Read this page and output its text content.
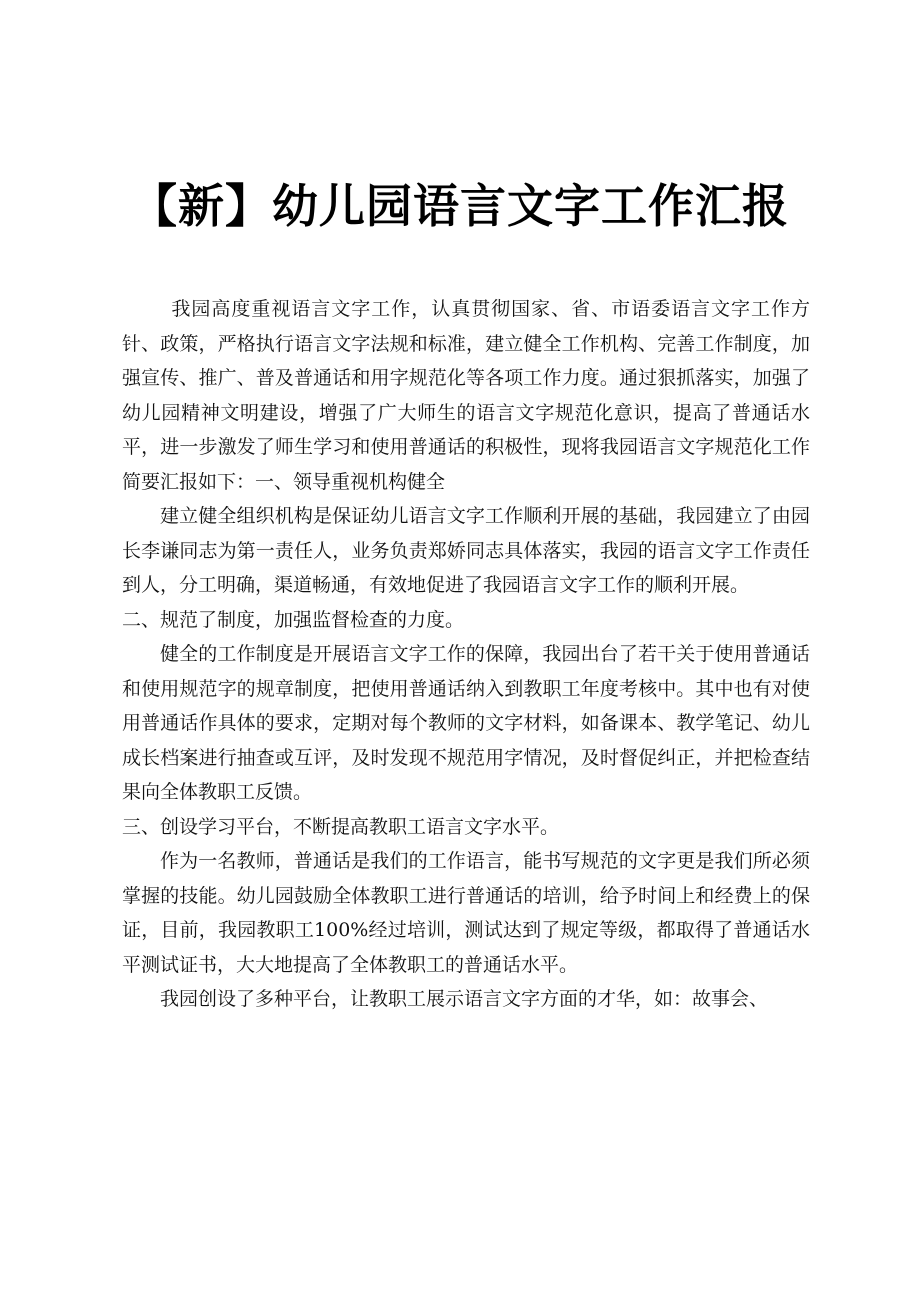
【新】幼儿园语言文字工作汇报

我园高度重视语言文字工作，认真贯彻国家、省、市语委语言文字工作方针、政策，严格执行语言文字法规和标准，建立健全工作机构、完善工作制度，加强宣传、推广、普及普通话和用字规范化等各项工作力度。通过狠抓落实，加强了幼儿园精神文明建设，增强了广大师生的语言文字规范化意识，提高了普通话水平，进一步激发了师生学习和使用普通话的积极性，现将我园语言文字规范化工作简要汇报如下：一、领导重视机构健全

建立健全组织机构是保证幼儿语言文字工作顺利开展的基础，我园建立了由园长李谦同志为第一责任人，业务负责郑娇同志具体落实，我园的语言文字工作责任到人，分工明确，渠道畅通，有效地促进了我园语言文字工作的顺利开展。

二、规范了制度，加强监督检查的力度。

健全的工作制度是开展语言文字工作的保障，我园出台了若干关于使用普通话和使用规范字的规章制度，把使用普通话纳入到教职工年度考核中。其中也有对使用普通话作具体的要求，定期对每个教师的文字材料，如备课本、教学笔记、幼儿成长档案进行抽查或互评，及时发现不规范用字情况，及时督促纠正，并把检查结果向全体教职工反馈。

三、创设学习平台，不断提高教职工语言文字水平。

作为一名教师，普通话是我们的工作语言，能书写规范的文字更是我们所必须掌握的技能。幼儿园鼓励全体教职工进行普通话的培训，给予时间上和经费上的保证，目前，我园教职工100%经过培训，测试达到了规定等级，都取得了普通话水平测试证书，大大地提高了全体教职工的普通话水平。

我园创设了多种平台，让教职工展示语言文字方面的才华，如：故事会、
